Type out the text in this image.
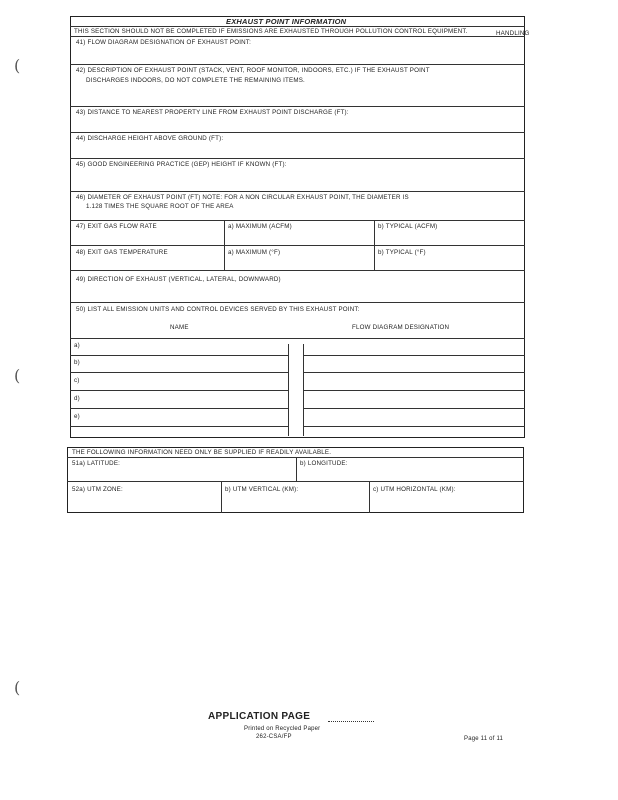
(
(
(
HANDLING
EXHAUST POINT INFORMATION
THIS SECTION SHOULD NOT BE COMPLETED IF EMISSIONS ARE EXHAUSTED THROUGH POLLUTION CONTROL EQUIPMENT.
41) FLOW DIAGRAM DESIGNATION OF EXHAUST POINT:
42) DESCRIPTION OF EXHAUST POINT (STACK, VENT, ROOF MONITOR, INDOORS, ETC.) IF THE EXHAUST POINT
DISCHARGES INDOORS, DO NOT COMPLETE THE REMAINING ITEMS.
43) DISTANCE TO NEAREST PROPERTY LINE FROM EXHAUST POINT DISCHARGE (FT):
44) DISCHARGE HEIGHT ABOVE GROUND (FT):
45) GOOD ENGINEERING PRACTICE (GEP) HEIGHT IF KNOWN (FT):
46) DIAMETER OF EXHAUST POINT (FT) NOTE: FOR A NON CIRCULAR EXHAUST POINT, THE DIAMETER IS
1.128 TIMES THE SQUARE ROOT OF THE AREA
47) EXIT GAS FLOW RATE	a) MAXIMUM (ACFM)	b) TYPICAL (ACFM)
48) EXIT GAS TEMPERATURE	a) MAXIMUM (°F)	b) TYPICAL (°F)
49) DIRECTION OF EXHAUST (VERTICAL, LATERAL, DOWNWARD)
50) LIST ALL EMISSION UNITS AND CONTROL DEVICES SERVED BY THIS EXHAUST POINT:
NAME	FLOW DIAGRAM DESIGNATION
a)
b)
c)
d)
e)
THE FOLLOWING INFORMATION NEED ONLY BE SUPPLIED IF READILY AVAILABLE.
51a) LATITUDE:	b) LONGITUDE:
52a) UTM ZONE:	b) UTM VERTICAL (KM):	c) UTM HORIZONTAL (KM):
APPLICATION PAGE
Printed on Recycled Paper
262-CSA/FP	Page 11 of 11
